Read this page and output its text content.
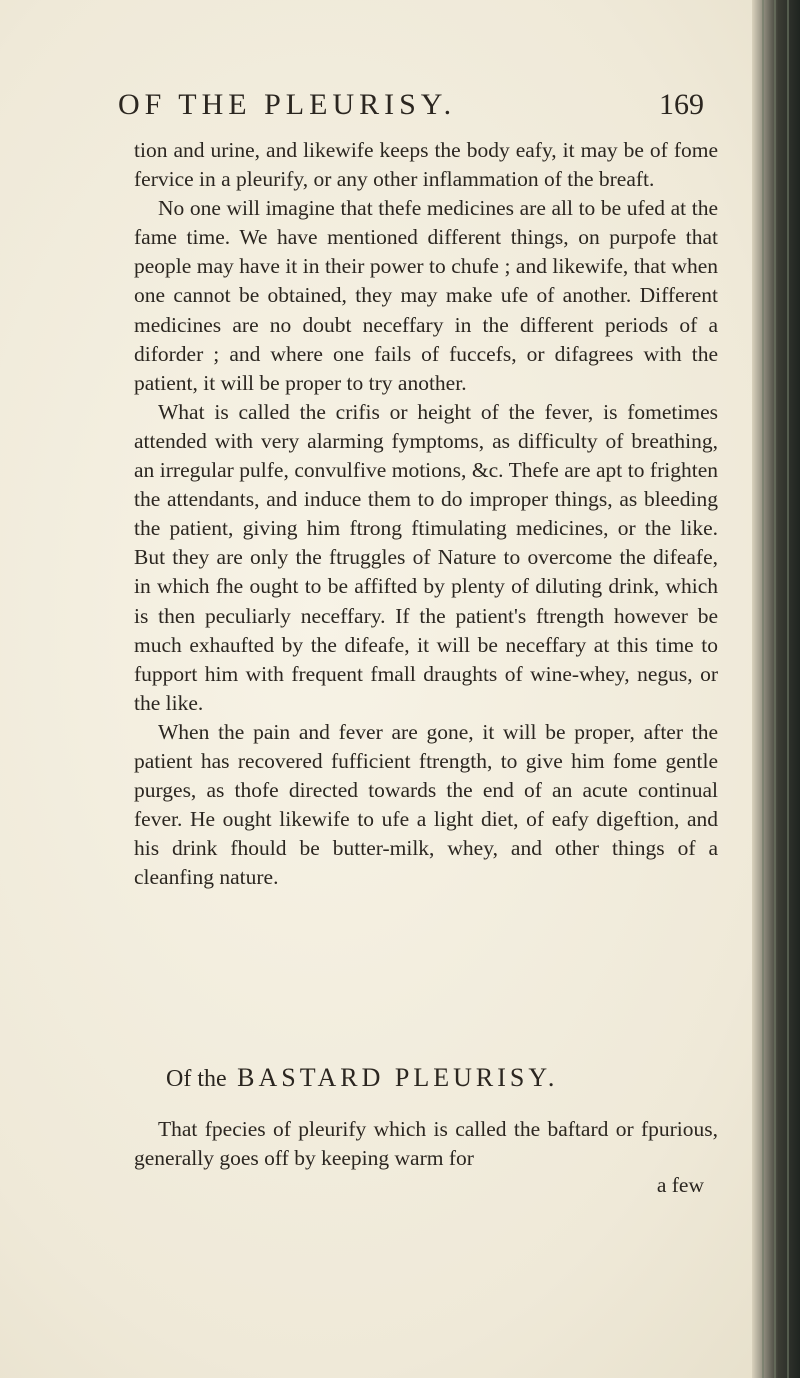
OF THE PLEURISY.	169

tion and urine, and likewife keeps the body eafy, it may be of fome fervice in a pleurify, or any other inflammation of the breaft.

No one will imagine that thefe medicines are all to be ufed at the fame time. We have mentioned different things, on purpofe that people may have it in their power to chufe ; and likewife, that when one cannot be obtained, they may make ufe of another. Different medicines are no doubt neceffary in the different periods of a diforder ; and where one fails of fuccefs, or difagrees with the patient, it will be proper to try another.

What is called the crifis or height of the fever, is fometimes attended with very alarming fymptoms, as difficulty of breathing, an irregular pulfe, convulfive motions, &c. Thefe are apt to frighten the attendants, and induce them to do improper things, as bleeding the patient, giving him ftrong ftimulating medicines, or the like. But they are only the ftruggles of Nature to overcome the difeafe, in which fhe ought to be affifted by plenty of diluting drink, which is then peculiarly neceffary. If the patient's ftrength however be much exhaufted by the difeafe, it will be neceffary at this time to fupport him with frequent fmall draughts of wine-whey, negus, or the like.

When the pain and fever are gone, it will be proper, after the patient has recovered fufficient ftrength, to give him fome gentle purges, as thofe directed towards the end of an acute continual fever. He ought likewife to ufe a light diet, of eafy digeftion, and his drink fhould be butter-milk, whey, and other things of a cleanfing nature.

Of the BASTARD PLEURISY.

That fpecies of pleurify which is called the baftard or fpurious, generally goes off by keeping warm for

a few
